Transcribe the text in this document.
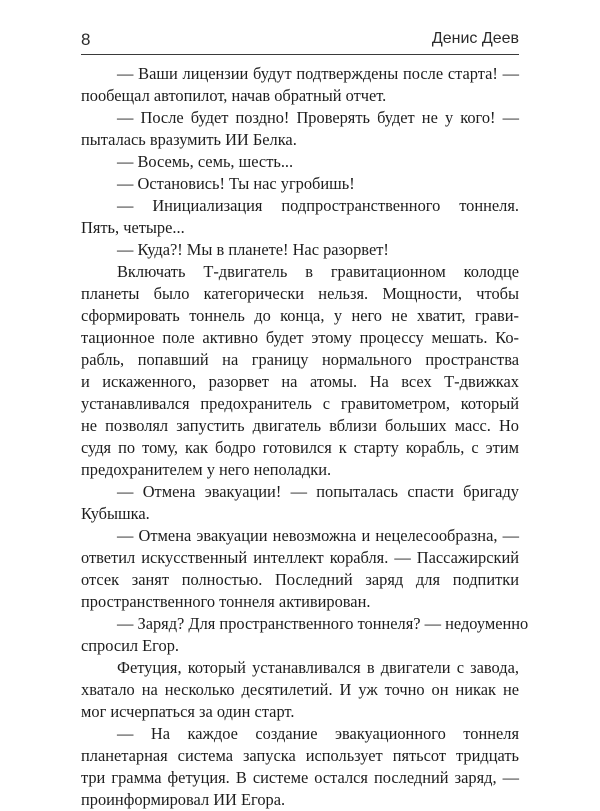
8	Денис Деев
— Ваши лицензии будут подтверждены после старта! —
пообещал автопилот, начав обратный отчет.
— После будет поздно! Проверять будет не у кого! —
пыталась вразумить ИИ Белка.
— Восемь, семь, шесть...
— Остановись! Ты нас угробишь!
— Инициализация подпространственного тоннеля.
Пять, четыре...
— Куда?! Мы в планете! Нас разорвет!
Включать Т-двигатель в гравитационном колодце
планеты было категорически нельзя. Мощности, чтобы
сформировать тоннель до конца, у него не хватит, грави-
тационное поле активно будет этому процессу мешать. Ко-
рабль, попавший на границу нормального пространства
и искаженного, разорвет на атомы. На всех Т-движках
устанавливался предохранитель с гравитометром, который
не позволял запустить двигатель вблизи больших масс. Но
судя по тому, как бодро готовился к старту корабль, с этим
предохранителем у него неполадки.
— Отмена эвакуации! — попыталась спасти бригаду
Кубышка.
— Отмена эвакуации невозможна и нецелесообразна, —
ответил искусственный интеллект корабля. — Пассажирский
отсек занят полностью. Последний заряд для подпитки
пространственного тоннеля активирован.
— Заряд? Для пространственного тоннеля? — недоуменно
спросил Егор.
Фетуция, который устанавливался в двигатели с завода,
хватало на несколько десятилетий. И уж точно он никак не
мог исчерпаться за один старт.
— На каждое создание эвакуационного тоннеля
планетарная система запуска использует пятьсот тридцать
три грамма фетуция. В системе остался последний заряд, —
проинформировал ИИ Егора.
